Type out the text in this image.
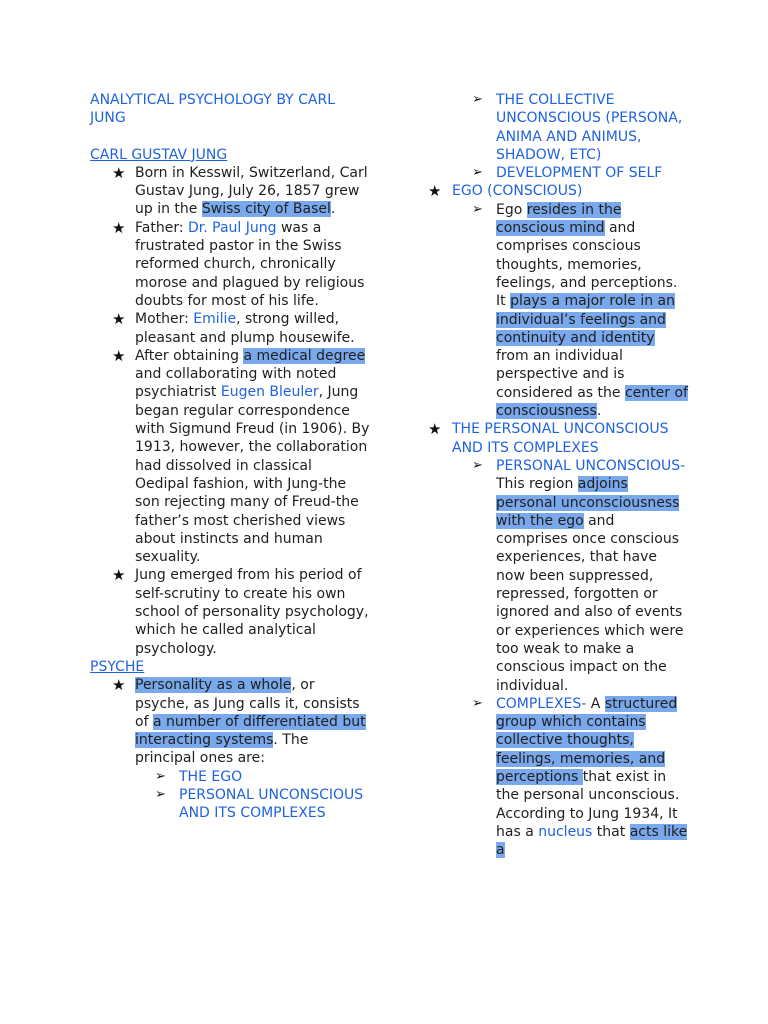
ANALYTICAL PSYCHOLOGY BY CARL JUNG
CARL GUSTAV JUNG
★ Born in Kesswil, Switzerland, Carl Gustav Jung, July 26, 1857 grew up in the Swiss city of Basel.
★ Father: Dr. Paul Jung was a frustrated pastor in the Swiss reformed church, chronically morose and plagued by religious doubts for most of his life.
★ Mother: Emilie, strong willed, pleasant and plump housewife.
★ After obtaining a medical degree and collaborating with noted psychiatrist Eugen Bleuler, Jung began regular correspondence with Sigmund Freud (in 1906). By 1913, however, the collaboration had dissolved in classical Oedipal fashion, with Jung-the son rejecting many of Freud-the father’s most cherished views about instincts and human sexuality.
★ Jung emerged from his period of self-scrutiny to create his own school of personality psychology, which he called analytical psychology.
PSYCHE
★ Personality as a whole, or psyche, as Jung calls it, consists of a number of differentiated but interacting systems. The principal ones are:
➢ THE EGO
➢ PERSONAL UNCONSCIOUS AND ITS COMPLEXES
➢ THE COLLECTIVE UNCONSCIOUS (PERSONA, ANIMA AND ANIMUS, SHADOW, ETC)
➢ DEVELOPMENT OF SELF
★ EGO (CONSCIOUS)
➢ Ego resides in the conscious mind and comprises conscious thoughts, memories, feelings, and perceptions. It plays a major role in an individual’s feelings and continuity and identity from an individual perspective and is considered as the center of consciousness.
★ THE PERSONAL UNCONSCIOUS AND ITS COMPLEXES
➢ PERSONAL UNCONSCIOUS- This region adjoins personal unconsciousness with the ego and comprises once conscious experiences, that have now been suppressed, repressed, forgotten or ignored and also of events or experiences which were too weak to make a conscious impact on the individual.
➢ COMPLEXES- A structured group which contains collective thoughts, feelings, memories, and perceptions that exist in the personal unconscious. According to Jung 1934, It has a nucleus that acts like a
